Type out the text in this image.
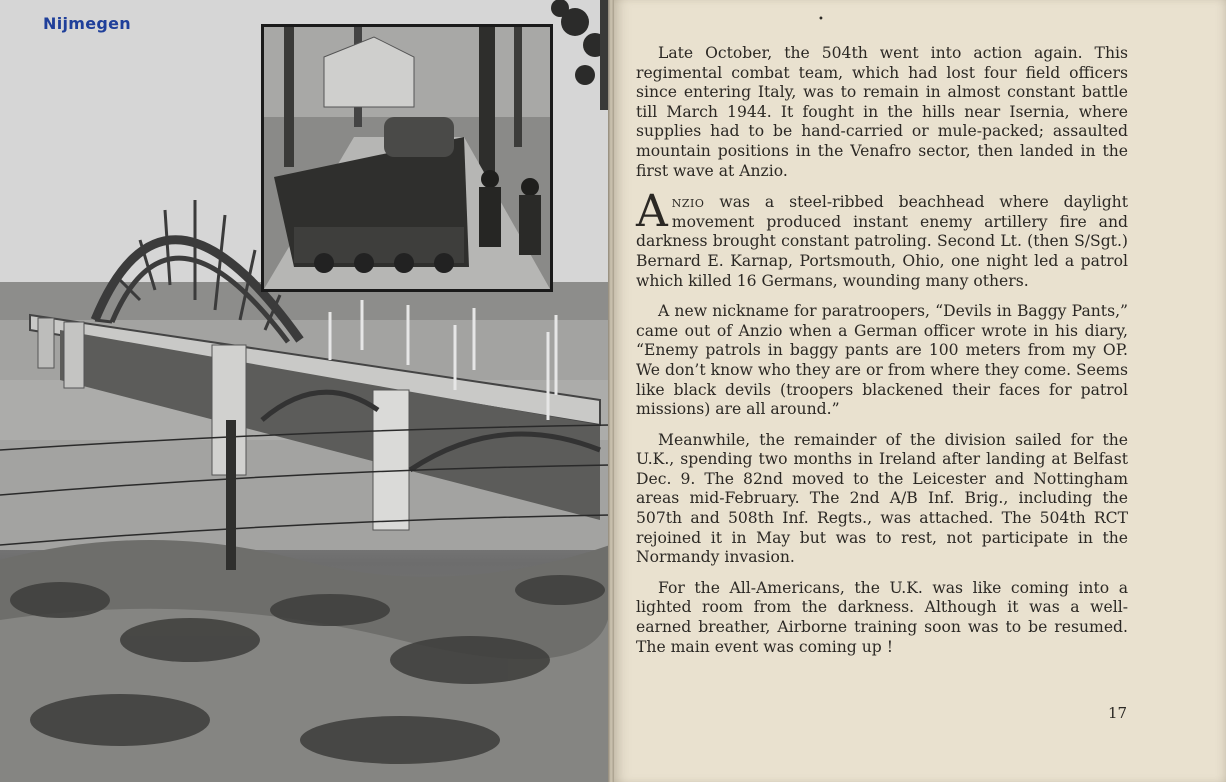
Nijmegen	•

Late October, the 504th went into action again. This regimental combat team, which had lost four field officers since entering Italy, was to remain in almost constant battle till March 1944. It fought in the hills near Isernia, where supplies had to be hand-carried or mule-packed; assaulted mountain positions in the Venafro sector, then landed in the first wave at Anzio.

Anzio was a steel-ribbed beachhead where daylight movement produced instant enemy artillery fire and darkness brought constant patroling. Second Lt. (then S/Sgt.) Bernard E. Karnap, Portsmouth, Ohio, one night led a patrol which killed 16 Germans, wounding many others.

A new nickname for paratroopers, “Devils in Baggy Pants,” came out of Anzio when a German officer wrote in his diary, “Enemy patrols in baggy pants are 100 meters from my OP. We don’t know who they are or from where they come. Seems like black devils (troopers blackened their faces for patrol missions) are all around.”

Meanwhile, the remainder of the division sailed for the U.K., spending two months in Ireland after landing at Belfast Dec. 9. The 82nd moved to the Leicester and Nottingham areas mid-February. The 2nd A/B Inf. Brig., including the 507th and 508th Inf. Regts., was attached. The 504th RCT rejoined it in May but was to rest, not participate in the Normandy invasion.

For the All-Americans, the U.K. was like coming into a lighted room from the darkness. Although it was a well-earned breather, Airborne training soon was to be resumed. The main event was coming up !

17
